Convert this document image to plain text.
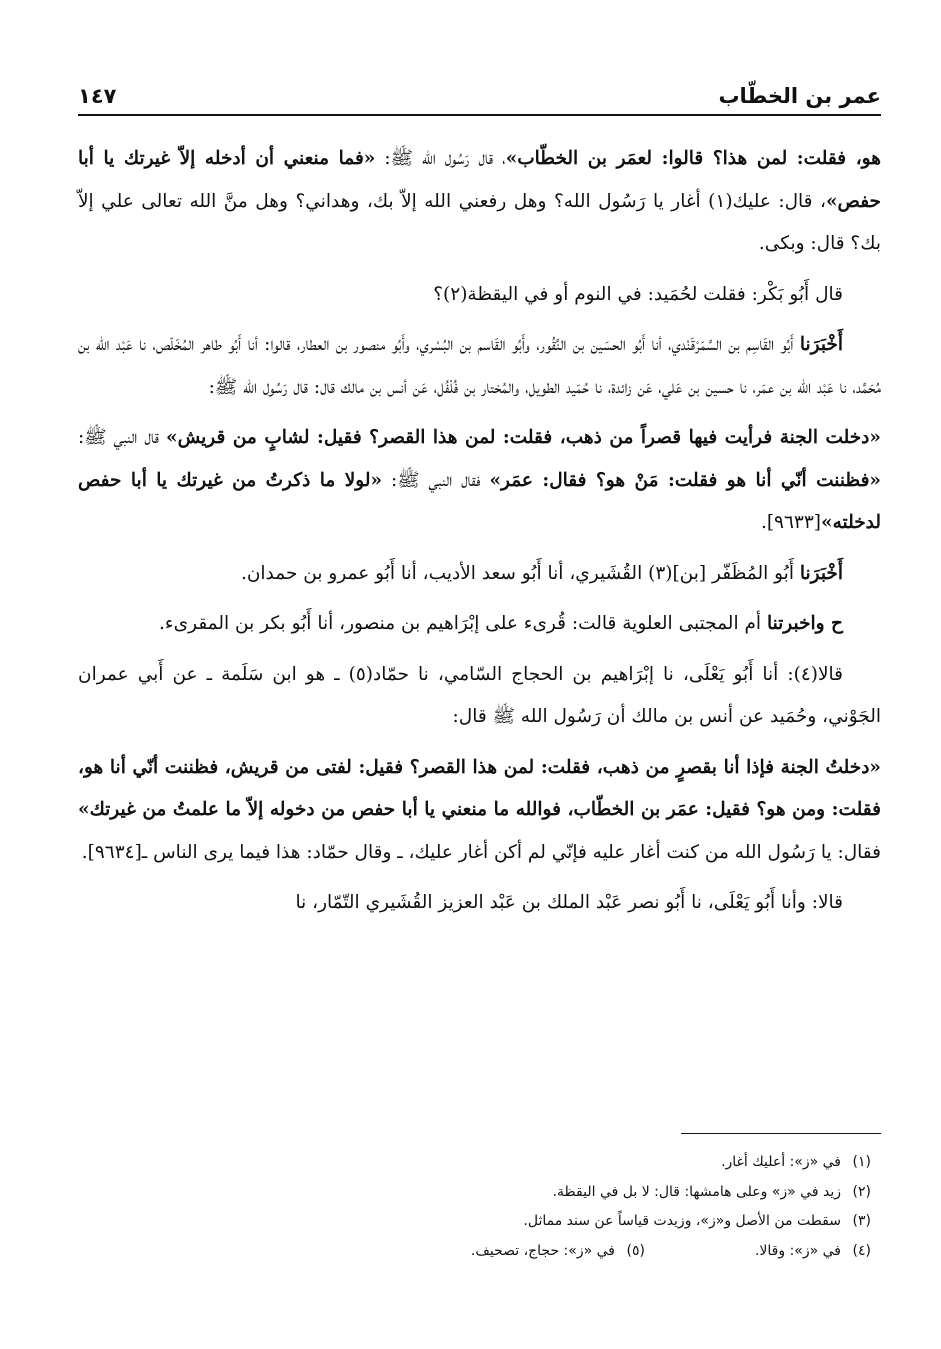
عمر بن الخطّاب
١٤٧

هو، فقلت: لمن هذا؟ قالوا: لعمَر بن الخطّاب»، قال رَسُول الله ﷺ: «فما منعني أن أدخله إلاّ غيرتك يا أبا حفص»، قال: عليك(١) أغار يا رَسُول الله؟ وهل رفعني الله إلاّ بك، وهداني؟ وهل منَّ الله تعالى علي إلاّ بك؟ قال: وبكى.

قال أَبُو بَكْر: فقلت لحُمَيد: في النوم أو في اليقظة(٢)؟

أَخْبَرَنا أَبُو القَاسِم بن السَّمَرْقَنْدي، أنا أَبُو الحسَين بن النَّقُور، وأَبُو القَاسم بن البُسْري، وأَبُو منصور بن العطار، قالوا: أنا أَبُو طاهر المُخَلّص، نا عَبْد اللّه بن مُحَمَّد، نا عَبْد اللّه بن عمَر، نا حسين بن عَلي، عَن زائدة، نا حُمَيد الطويل، والمُختار بن فُلْفُل، عَن أنس بن مالك قال: قال رَسُول الله ﷺ:

«دخلت الجنة فرأيت فيها قصراً من ذهب، فقلت: لمن هذا القصر؟ فقيل: لشابٍ من قريش» قال النبي ﷺ: «فظننت أنّي أنا هو فقلت: مَنْ هو؟ فقال: عمَر» فقال النبي ﷺ: «لولا ما ذكرتُ من غيرتك يا أبا حفص لدخلته»[٩٦٣٣].

أَخْبَرَنا أَبُو المُظَفّر [بن](٣) القُشَيري، أنا أَبُو سعد الأديب، أنا أَبُو عمرو بن حمدان.

ح واخبرتنا أم المجتبى العلوية قالت: قُرىء على إبْرَاهيم بن منصور، أنا أَبُو بكر بن المقرىء.

قالا(٤): أنا أَبُو يَعْلَى، نا إبْرَاهيم بن الحجاج السّامي، نا حمّاد(٥) ـ هو ابن سَلَمة ـ عن أَبي عمران الجَوْني، وحُمَيد عن أنس بن مالك أن رَسُول الله ﷺ قال:

«دخلتُ الجنة فإذا أنا بقصرٍ من ذهب، فقلت: لمن هذا القصر؟ فقيل: لفتى من قريش، فظننت أنّي أنا هو، فقلت: ومن هو؟ فقيل: عمَر بن الخطّاب، فوالله ما منعني يا أبا حفص من دخوله إلاّ ما علمتُ من غيرتك» فقال: يا رَسُول الله من كنت أغار عليه فإنّي لم أكن أغار عليك، ـ وقال حمّاد: هذا فيما يرى الناس ـ[٩٦٣٤].

قالا: وأنا أَبُو يَعْلَى، نا أَبُو نصر عَبْد الملك بن عَبْد العزيز القُشَيري التّمّار، نا

(١)في «ز»: أعليك أغار.
(٢)زيد في «ز» وعلى هامشها: قال: لا بل في اليقظة.
(٣)سقطت من الأصل و«ز»، وزيدت قياساً عن سند مماثل.
(٤)في «ز»: وقالا.(٥)في «ز»: حجاج، تصحيف.
